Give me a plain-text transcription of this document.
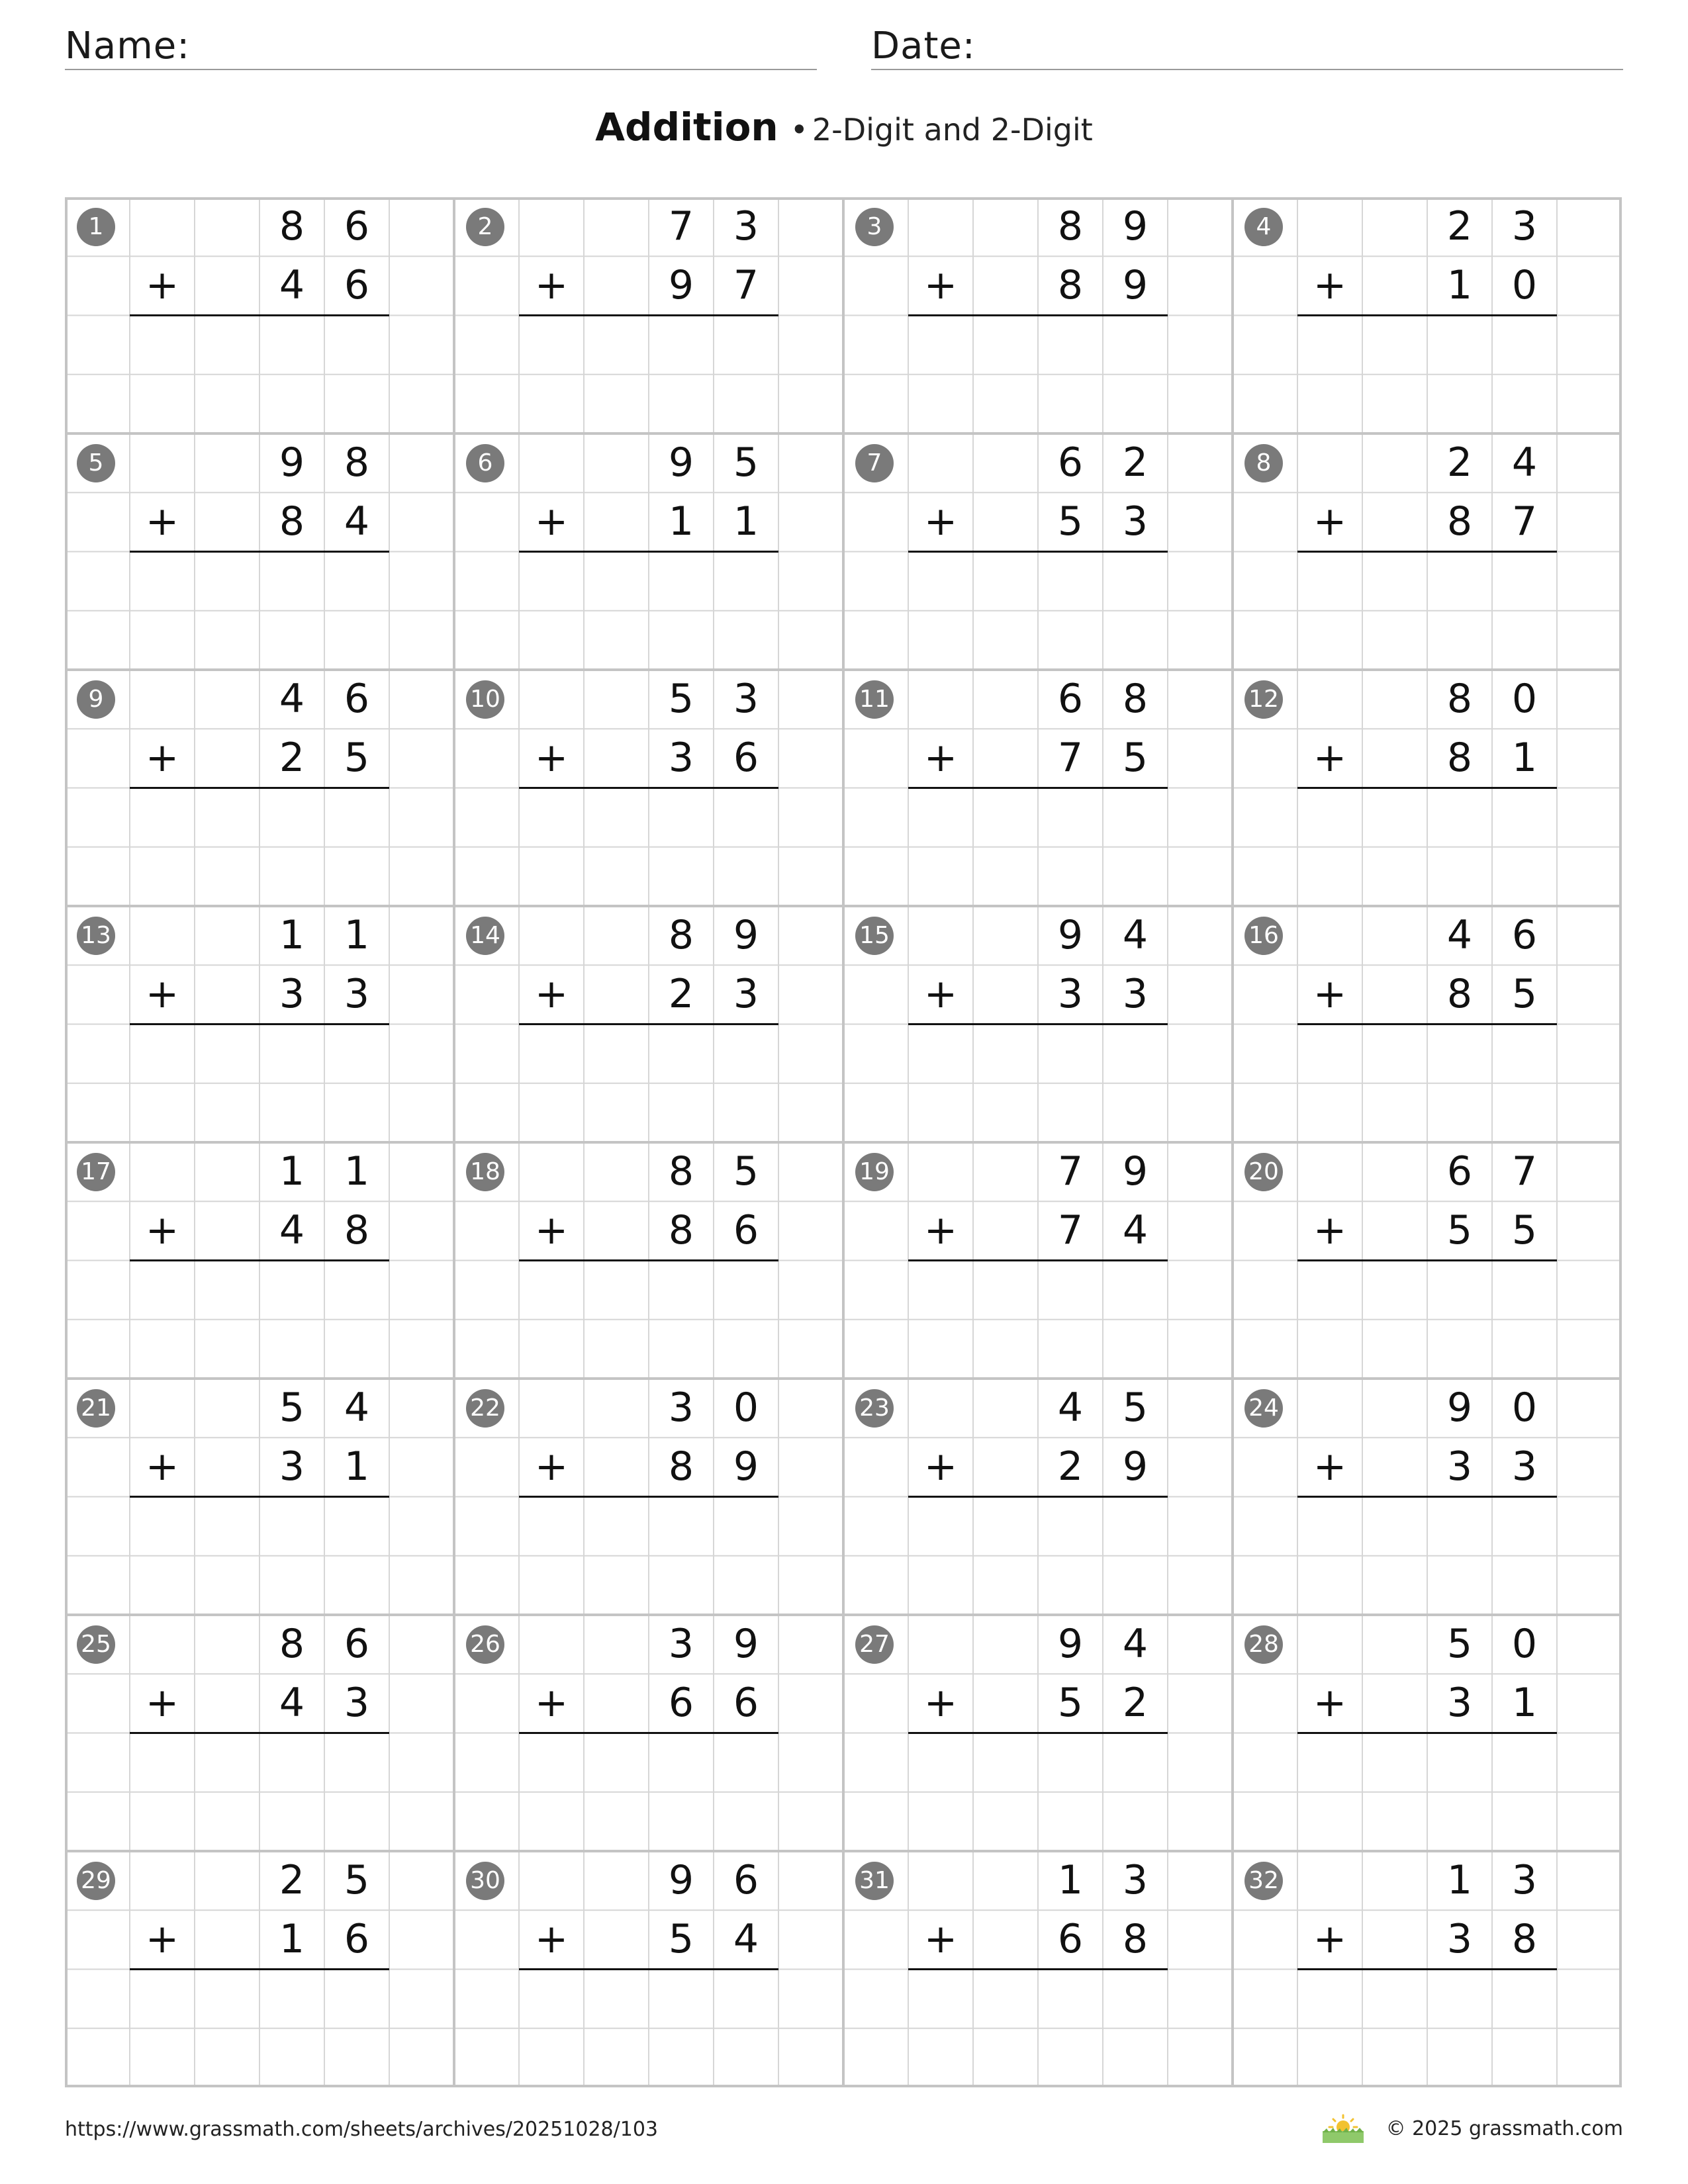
Name:	Date:
Addition • 2-Digit and 2-Digit
1	8 6
+	4 6
2	7 3
+	9 7
3	8 9
+	8 9
4	2 3
+	1 0
5	9 8
+	8 4
6	9 5
+	1 1
7	6 2
+	5 3
8	2 4
+	8 7
9	4 6
+	2 5
10	5 3
+	3 6
11	6 8
+	7 5
12	8 0
+	8 1
13	1 1
+	3 3
14	8 9
+	2 3
15	9 4
+	3 3
16	4 6
+	8 5
17	1 1
+	4 8
18	8 5
+	8 6
19	7 9
+	7 4
20	6 7
+	5 5
21	5 4
+	3 1
22	3 0
+	8 9
23	4 5
+	2 9
24	9 0
+	3 3
25	8 6
+	4 3
26	3 9
+	6 6
27	9 4
+	5 2
28	5 0
+	3 1
29	2 5
+	1 6
30	9 6
+	5 4
31	1 3
+	6 8
32	1 3
+	3 8
https://www.grassmath.com/sheets/archives/20251028/103	© 2025 grassmath.com
